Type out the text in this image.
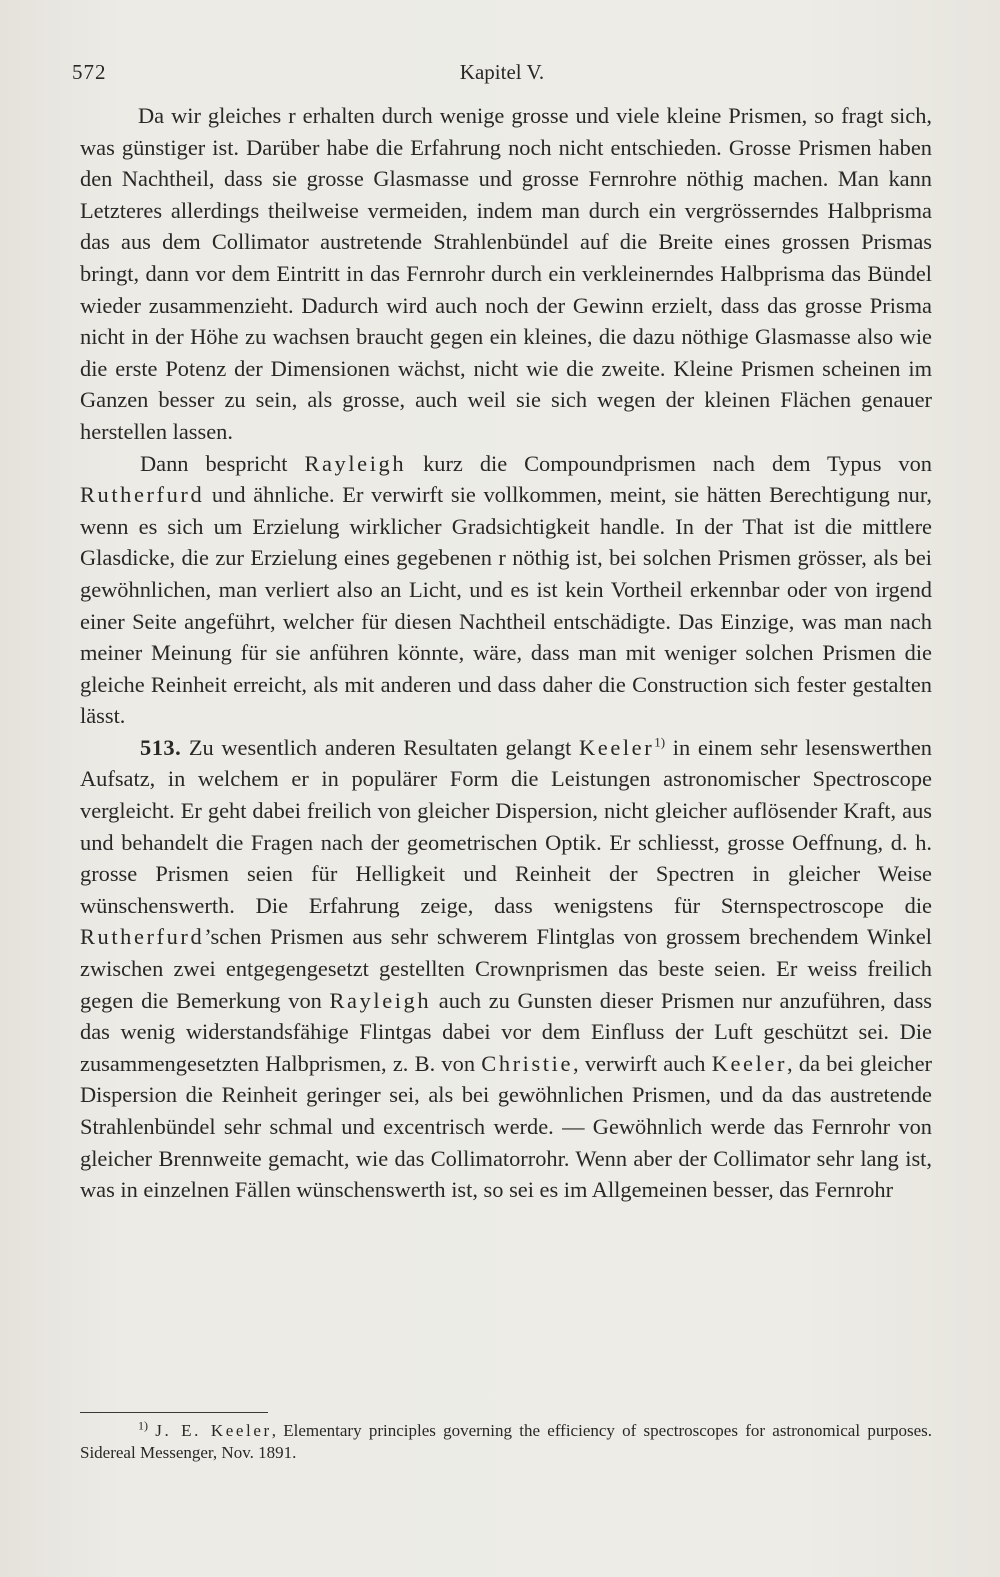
572	Kapitel V.

Da wir gleiches r erhalten durch wenige grosse und viele kleine Prismen, so fragt sich, was günstiger ist. Darüber habe die Erfahrung noch nicht entschieden. Grosse Prismen haben den Nachtheil, dass sie grosse Glasmasse und grosse Fernrohre nöthig machen. Man kann Letzteres allerdings theilweise vermeiden, indem man durch ein vergrösserndes Halbprisma das aus dem Collimator austretende Strahlenbündel auf die Breite eines grossen Prismas bringt, dann vor dem Eintritt in das Fernrohr durch ein verkleinerndes Halbprisma das Bündel wieder zusammenzieht. Dadurch wird auch noch der Gewinn erzielt, dass das grosse Prisma nicht in der Höhe zu wachsen braucht gegen ein kleines, die dazu nöthige Glasmasse also wie die erste Potenz der Dimensionen wächst, nicht wie die zweite. Kleine Prismen scheinen im Ganzen besser zu sein, als grosse, auch weil sie sich wegen der kleinen Flächen genauer herstellen lassen.

Dann bespricht Rayleigh kurz die Compoundprismen nach dem Typus von Rutherfurd und ähnliche. Er verwirft sie vollkommen, meint, sie hätten Berechtigung nur, wenn es sich um Erzielung wirklicher Gradsichtigkeit handle. In der That ist die mittlere Glasdicke, die zur Erzielung eines gegebenen r nöthig ist, bei solchen Prismen grösser, als bei gewöhnlichen, man verliert also an Licht, und es ist kein Vortheil erkennbar oder von irgend einer Seite angeführt, welcher für diesen Nachtheil entschädigte. Das Einzige, was man nach meiner Meinung für sie anführen könnte, wäre, dass man mit weniger solchen Prismen die gleiche Reinheit erreicht, als mit anderen und dass daher die Construction sich fester gestalten lässt.

513. Zu wesentlich anderen Resultaten gelangt Keeler$^{1)}$ in einem sehr lesenswerthen Aufsatz, in welchem er in populärer Form die Leistungen astronomischer Spectroscope vergleicht. Er geht dabei freilich von gleicher Dispersion, nicht gleicher auflösender Kraft, aus und behandelt die Fragen nach der geometrischen Optik. Er schliesst, grosse Oeffnung, d. h. grosse Prismen seien für Helligkeit und Reinheit der Spectren in gleicher Weise wünschenswerth. Die Erfahrung zeige, dass wenigstens für Sternspectroscope die Rutherfurd’schen Prismen aus sehr schwerem Flintglas von grossem brechendem Winkel zwischen zwei entgegengesetzt gestellten Crownprismen das beste seien. Er weiss freilich gegen die Bemerkung von Rayleigh auch zu Gunsten dieser Prismen nur anzuführen, dass das wenig widerstandsfähige Flintgas dabei vor dem Einfluss der Luft geschützt sei. Die zusammengesetzten Halbprismen, z. B. von Christie, verwirft auch Keeler, da bei gleicher Dispersion die Reinheit geringer sei, als bei gewöhnlichen Prismen, und da das austretende Strahlenbündel sehr schmal und excentrisch werde. — Gewöhnlich werde das Fernrohr von gleicher Brennweite gemacht, wie das Collimatorrohr. Wenn aber der Collimator sehr lang ist, was in einzelnen Fällen wünschenswerth ist, so sei es im Allgemeinen besser, das Fernrohr

$^{1)}$ J. E. Keeler, Elementary principles governing the efficiency of spectroscopes for astronomical purposes. Sidereal Messenger, Nov. 1891.
